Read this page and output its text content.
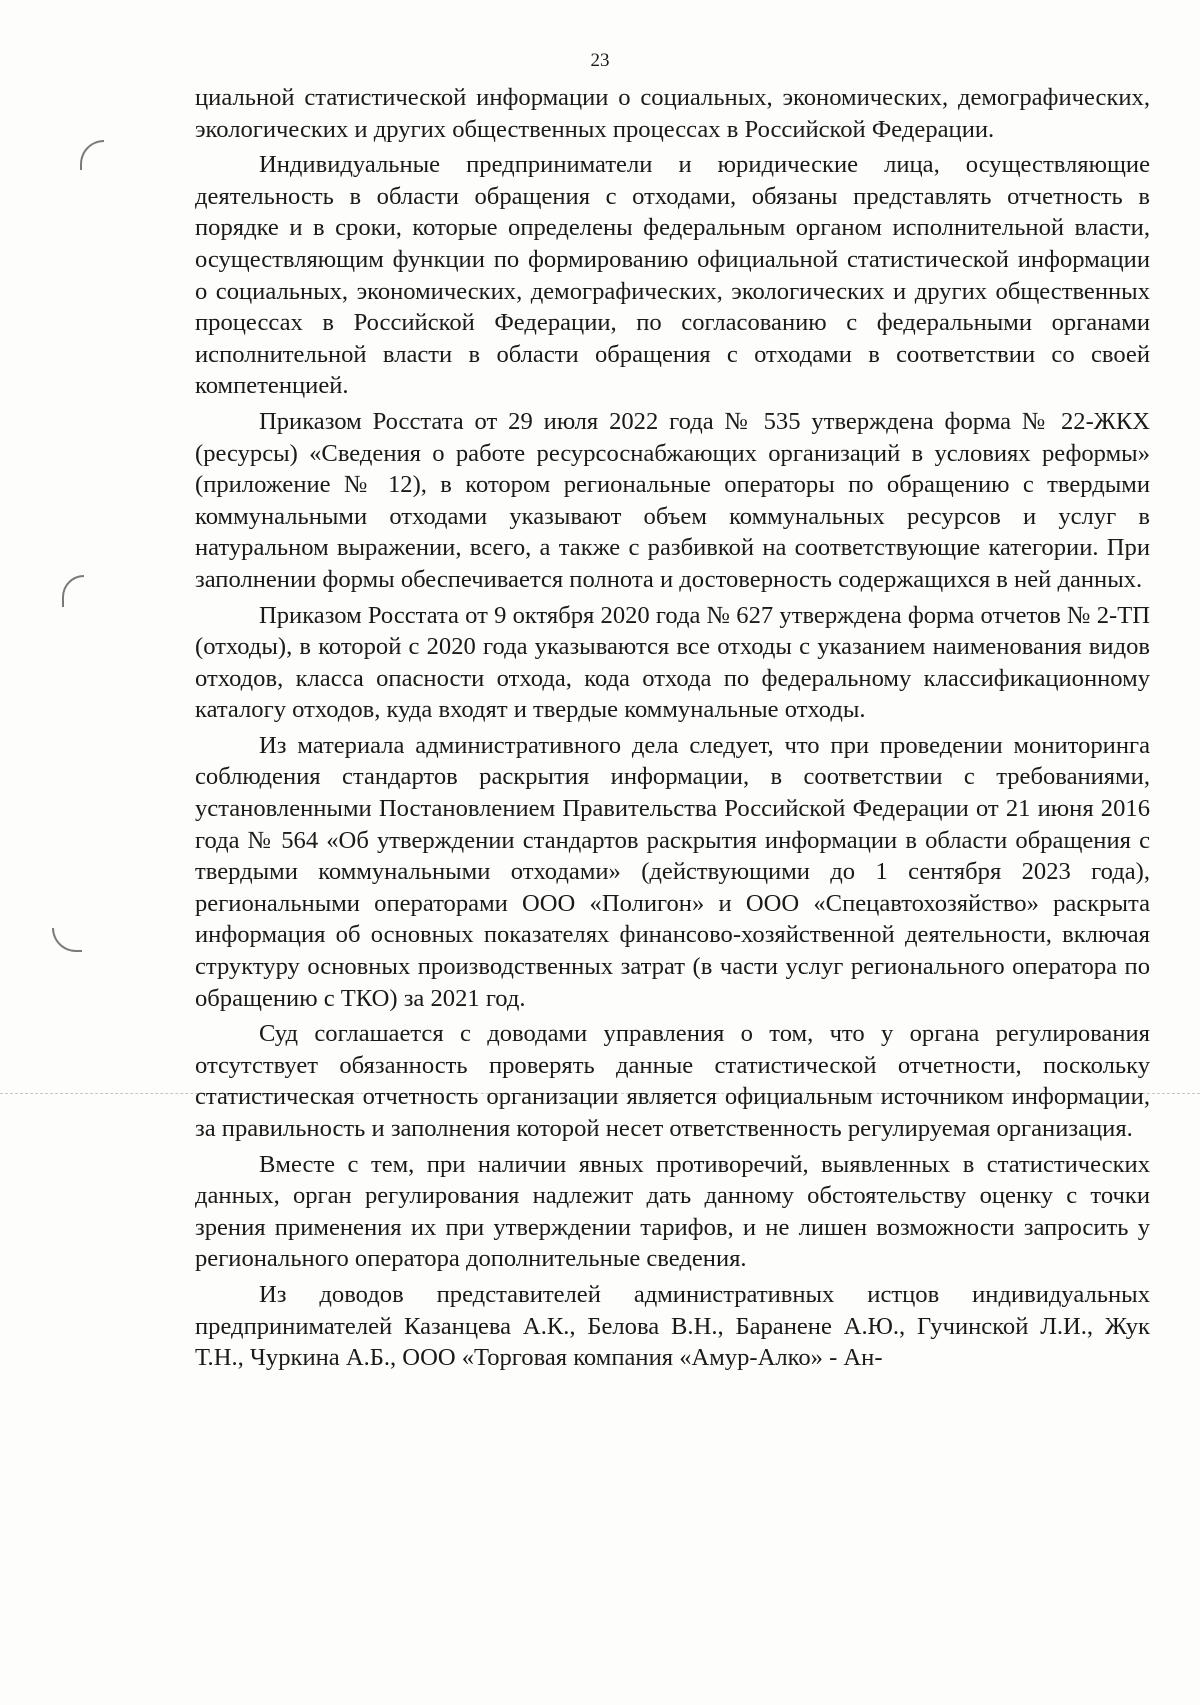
23

циальной статистической информации о социальных, экономических, демографических, экологических и других общественных процессах в Российской Федерации.

Индивидуальные предприниматели и юридические лица, осуществляющие деятельность в области обращения с отходами, обязаны представлять отчетность в порядке и в сроки, которые определены федеральным органом исполнительной власти, осуществляющим функции по формированию официальной статистической информации о социальных, экономических, демографических, экологических и других общественных процессах в Российской Федерации, по согласованию с федеральными органами исполнительной власти в области обращения с отходами в соответствии со своей компетенцией.

Приказом Росстата от 29 июля 2022 года № 535 утверждена форма № 22-ЖКХ (ресурсы) «Сведения о работе ресурсоснабжающих организаций в условиях реформы» (приложение № 12), в котором региональные операторы по обращению с твердыми коммунальными отходами указывают объем коммунальных ресурсов и услуг в натуральном выражении, всего, а также с разбивкой на соответствующие категории. При заполнении формы обеспечивается полнота и достоверность содержащихся в ней данных.

Приказом Росстата от 9 октября 2020 года № 627 утверждена форма отчетов № 2-ТП (отходы), в которой с 2020 года указываются все отходы с указанием наименования видов отходов, класса опасности отхода, кода отхода по федеральному классификационному каталогу отходов, куда входят и твердые коммунальные отходы.

Из материала административного дела следует, что при проведении мониторинга соблюдения стандартов раскрытия информации, в соответствии с требованиями, установленными Постановлением Правительства Российской Федерации от 21 июня 2016 года № 564 «Об утверждении стандартов раскрытия информации в области обращения с твердыми коммунальными отходами» (действующими до 1 сентября 2023 года), региональными операторами ООО «Полигон» и ООО «Спецавтохозяйство» раскрыта информация об основных показателях финансово-хозяйственной деятельности, включая структуру основных производственных затрат (в части услуг регионального оператора по обращению с ТКО) за 2021 год.

Суд соглашается с доводами управления о том, что у органа регулирования отсутствует обязанность проверять данные статистической отчетности, поскольку статистическая отчетность организации является официальным источником информации, за правильность и заполнения которой несет ответственность регулируемая организация.

Вместе с тем, при наличии явных противоречий, выявленных в статистических данных, орган регулирования надлежит дать данному обстоятельству оценку с точки зрения применения их при утверждении тарифов, и не лишен возможности запросить у регионального оператора дополнительные сведения.

Из доводов представителей административных истцов индивидуальных предпринимателей Казанцева А.К., Белова В.Н., Баранене А.Ю., Гучинской Л.И., Жук Т.Н., Чуркина А.Б., ООО «Торговая компания «Амур-Алко» - Ан-
